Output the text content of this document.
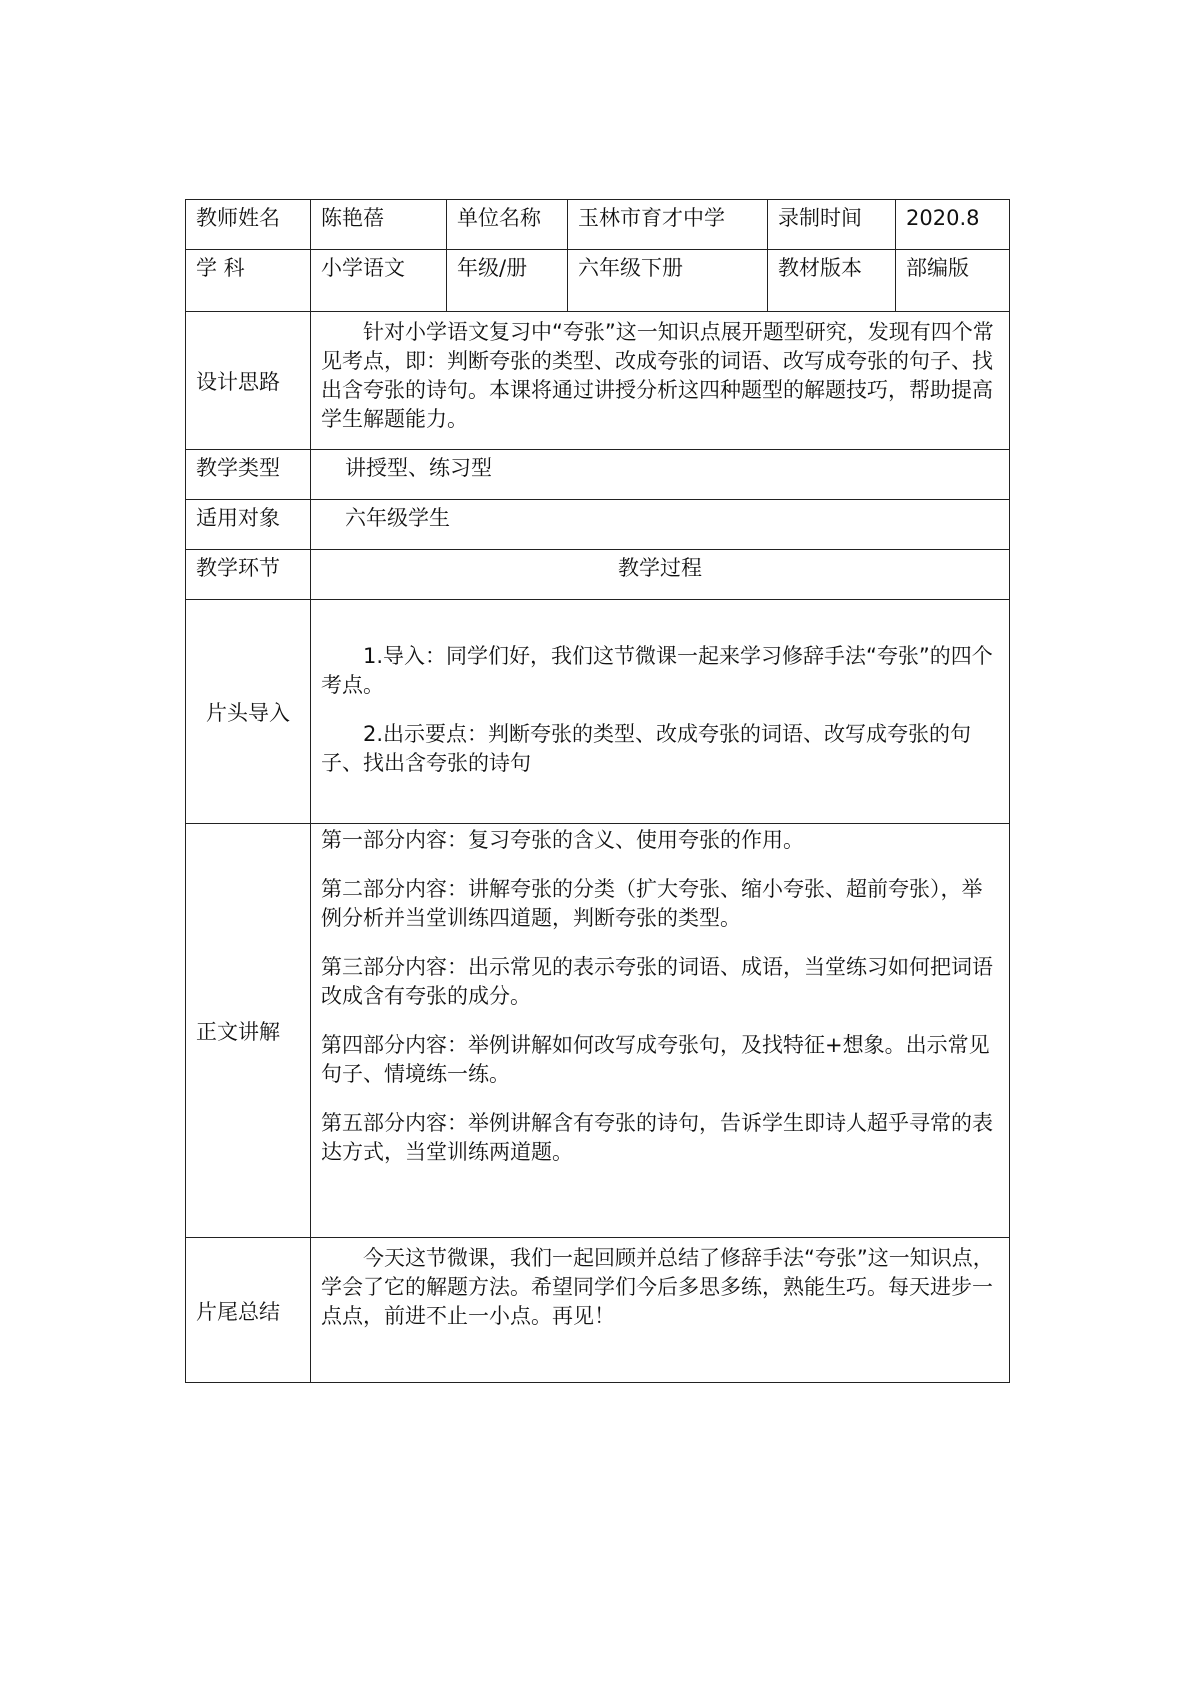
教师姓名	陈艳蓓	单位名称	玉林市育才中学	录制时间	2020.8
学 科	小学语文	年级/册	六年级下册	教材版本	部编版
设计思路	针对小学语文复习中“夸张”这一知识点展开题型研究，发现有四个常见考点，即：判断夸张的类型、改成夸张的词语、改写成夸张的句子、找出含夸张的诗句。本课将通过讲授分析这四种题型的解题技巧，帮助提高学生解题能力。				

教学类型	讲授型、练习型				
适用对象	六年级学生				
教学环节	教学过程				
片头导入	1.导入：同学们好，我们这节微课一起来学习修辞手法“夸张”的四个考点。

2.出示要点：判断夸张的类型、改成夸张的词语、改写成夸张的句子、找出含夸张的诗句				

正文讲解	第一部分内容：复习夸张的含义、使用夸张的作用。

第二部分内容：讲解夸张的分类（扩大夸张、缩小夸张、超前夸张），举例分析并当堂训练四道题，判断夸张的类型。

第三部分内容：出示常见的表示夸张的词语、成语，当堂练习如何把词语改成含有夸张的成分。

第四部分内容：举例讲解如何改写成夸张句，及找特征+想象。出示常见句子、情境练一练。

第五部分内容：举例讲解含有夸张的诗句，告诉学生即诗人超乎寻常的表达方式，当堂训练两道题。				

片尾总结	今天这节微课，我们一起回顾并总结了修辞手法“夸张”这一知识点，学会了它的解题方法。希望同学们今后多思多练，熟能生巧。每天进步一点点，前进不止一小点。再见！				
